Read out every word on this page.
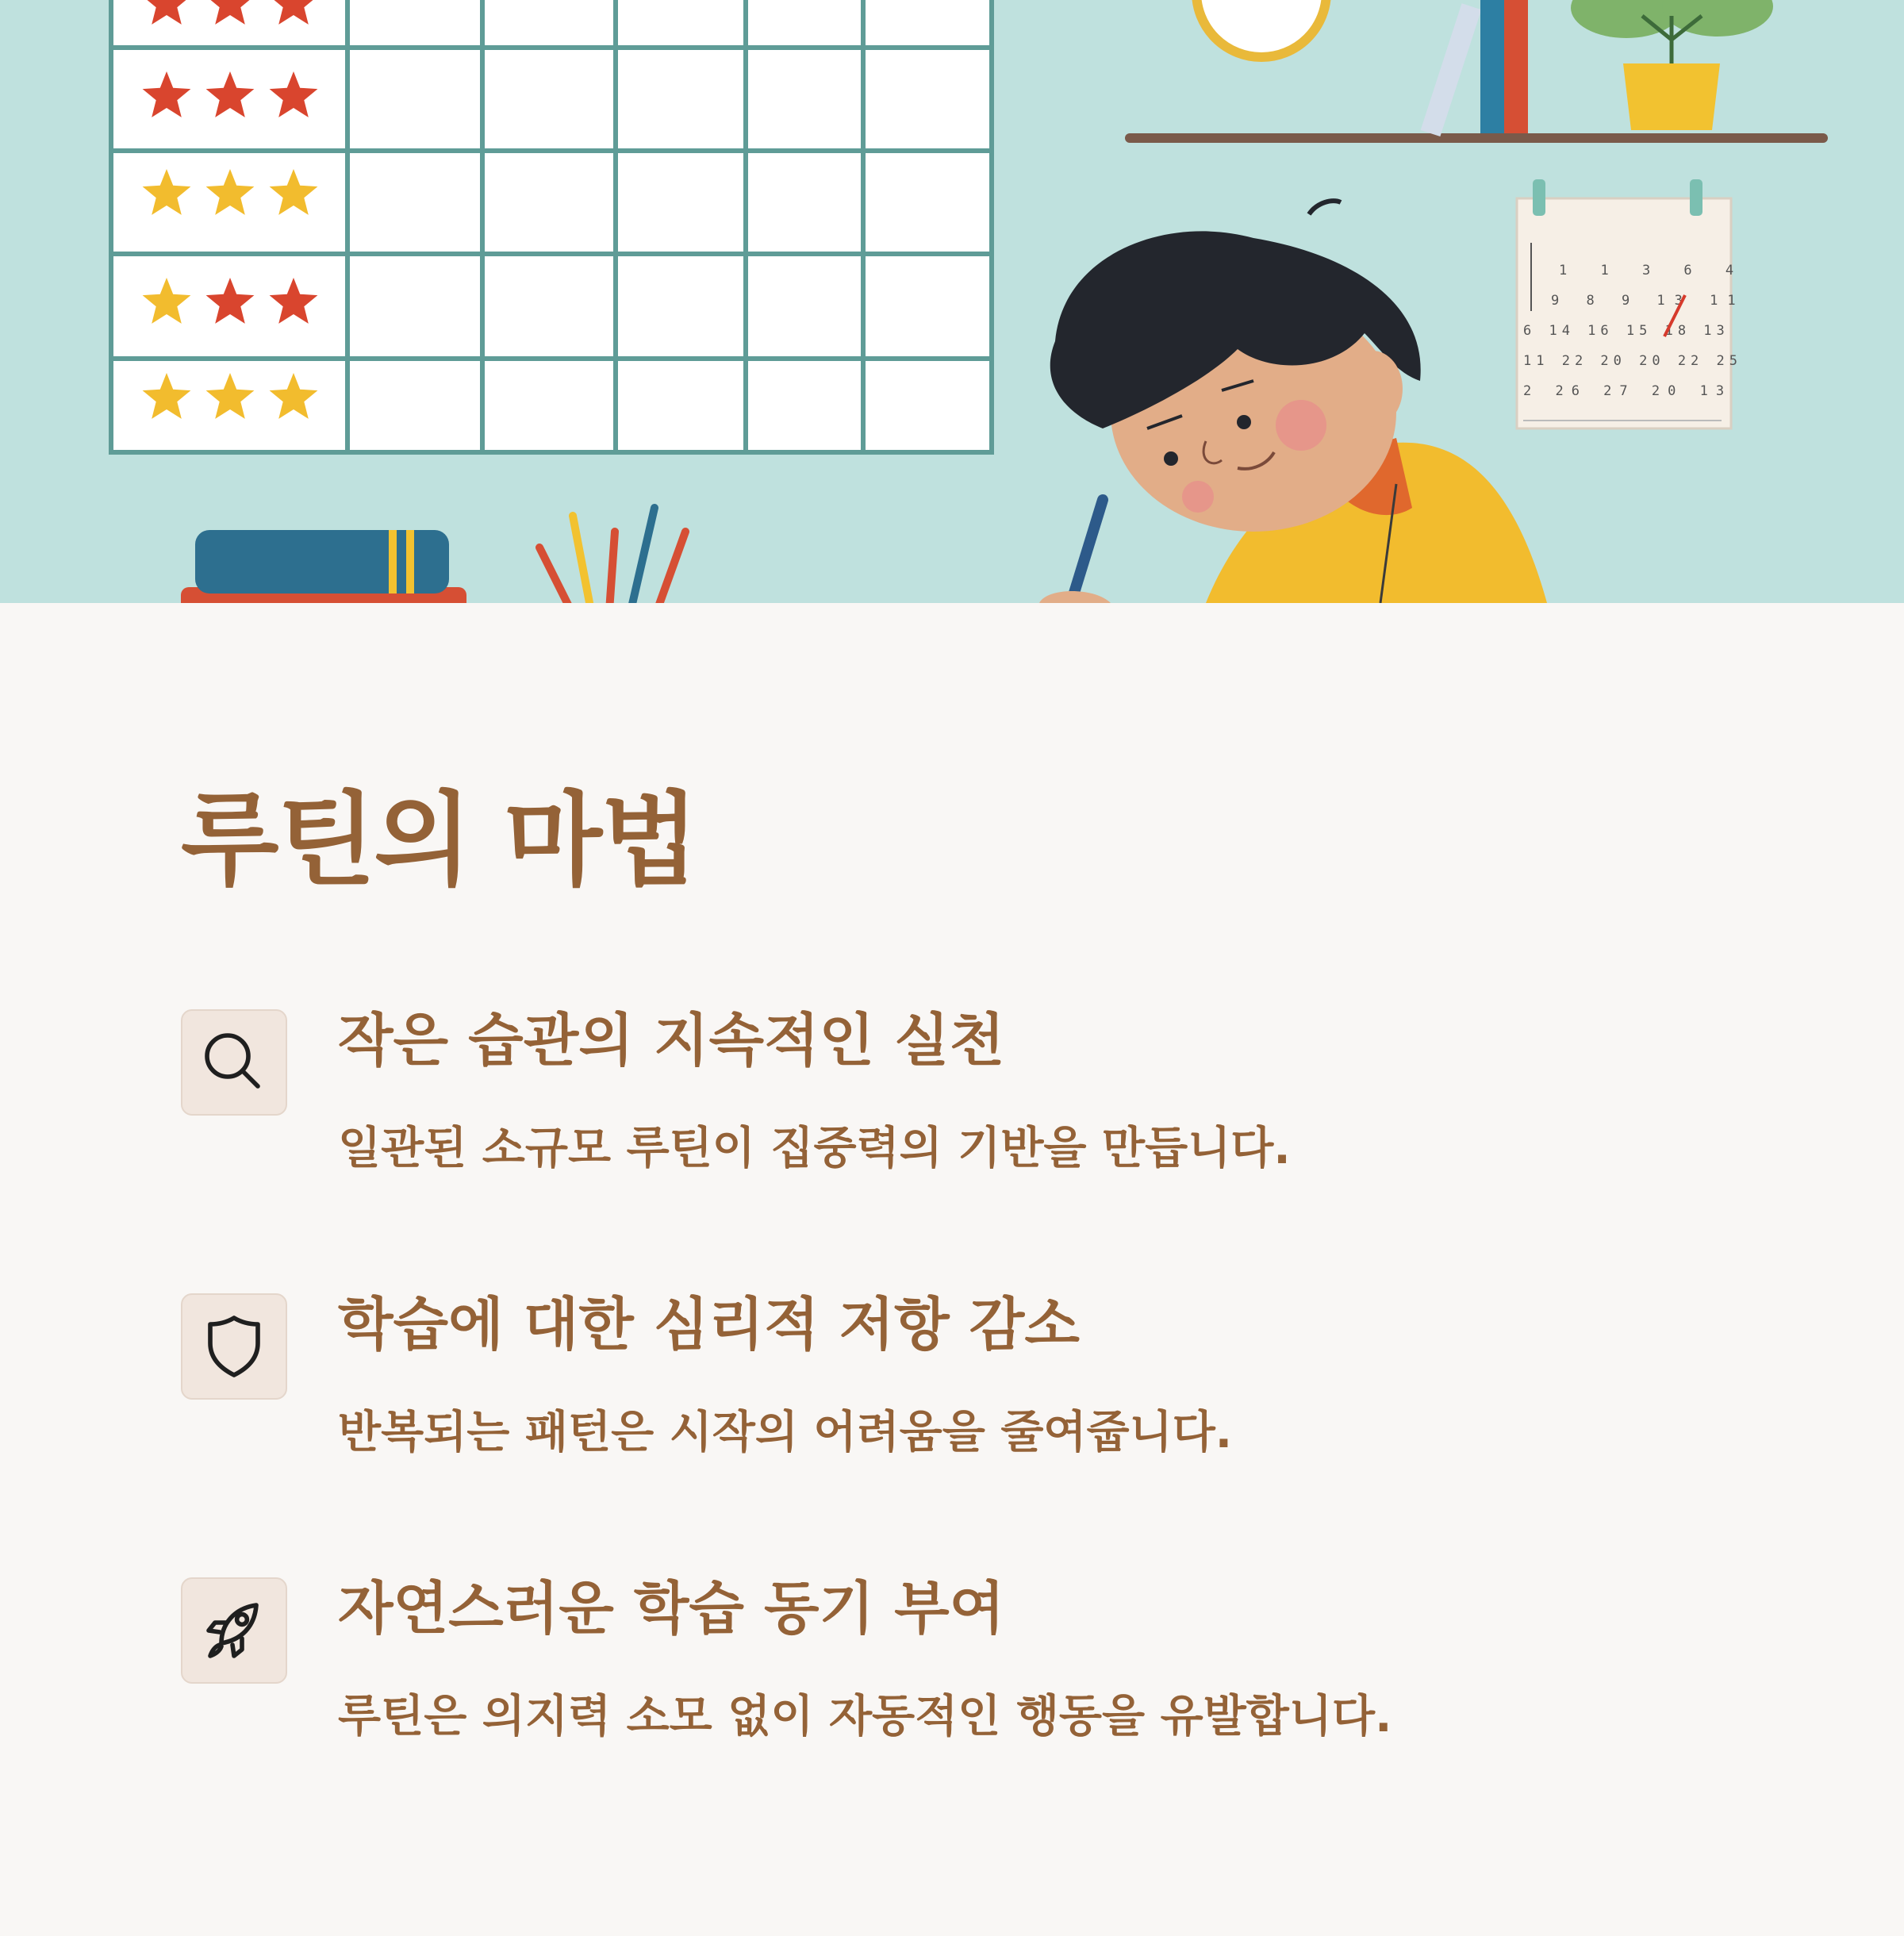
1 1 3 6 4
9 8 9 13 11
6 14 16 15 18 13
11 22 20 20 22 25
2 26 27 20 13
루틴의 마법
작은 습관의 지속적인 실천

일관된 소규모 루틴이 집중력의 기반을 만듭니다.

학습에 대한 심리적 저항 감소

반복되는 패턴은 시작의 어려움을 줄여줍니다.

자연스러운 학습 동기 부여

루틴은 의지력 소모 없이 자동적인 행동을 유발합니다.
